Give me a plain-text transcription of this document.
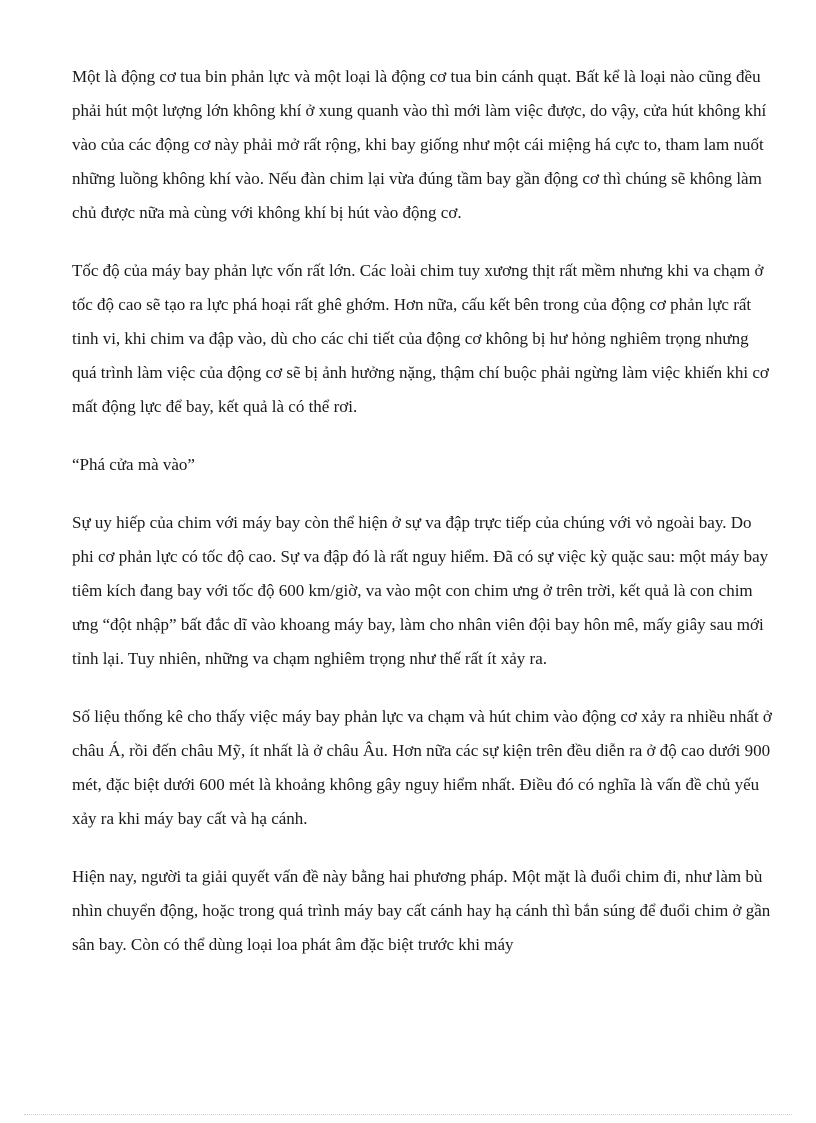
Một là động cơ tua bin phản lực và một loại là động cơ tua bin cánh quạt. Bất kể là loại nào cũng đều phải hút một lượng lớn không khí ở xung quanh vào thì mới làm việc được, do vậy, cửa hút không khí vào của các động cơ này phải mở rất rộng, khi bay giống như một cái miệng há cực to, tham lam nuốt những luồng không khí vào. Nếu đàn chim lại vừa đúng tầm bay gần động cơ thì chúng sẽ không làm chủ được nữa mà cùng với không khí bị hút vào động cơ.

Tốc độ của máy bay phản lực vốn rất lớn. Các loài chim tuy xương thịt rất mềm nhưng khi va chạm ở tốc độ cao sẽ tạo ra lực phá hoại rất ghê ghớm. Hơn nữa, cấu kết bên trong của động cơ phản lực rất tinh vi, khi chim va đập vào, dù cho các chi tiết của động cơ không bị hư hỏng nghiêm trọng nhưng quá trình làm việc của động cơ sẽ bị ảnh hưởng nặng, thậm chí buộc phải ngừng làm việc khiến khi cơ mất động lực để bay, kết quả là có thể rơi.

“Phá cửa mà vào”

Sự uy hiếp của chim với máy bay còn thể hiện ở sự va đập trực tiếp của chúng với vỏ ngoài bay. Do phi cơ phản lực có tốc độ cao. Sự va đập đó là rất nguy hiểm. Đã có sự việc kỳ quặc sau: một máy bay tiêm kích đang bay với tốc độ 600 km/giờ, va vào một con chim ưng ở trên trời, kết quả là con chim ưng “đột nhập” bất đắc dĩ vào khoang máy bay, làm cho nhân viên đội bay hôn mê, mấy giây sau mới tỉnh lại. Tuy nhiên, những va chạm nghiêm trọng như thế rất ít xảy ra.

Số liệu thống kê cho thấy việc máy bay phản lực va chạm và hút chim vào động cơ xảy ra nhiều nhất ở châu Á, rồi đến châu Mỹ, ít nhất là ở châu Âu. Hơn nữa các sự kiện trên đều diễn ra ở độ cao dưới 900 mét, đặc biệt dưới 600 mét là khoảng không gây nguy hiểm nhất. Điều đó có nghĩa là vấn đề chủ yếu xảy ra khi máy bay cất và hạ cánh.

Hiện nay, người ta giải quyết vấn đề này bằng hai phương pháp. Một mặt là đuổi chim đi, như làm bù nhìn chuyển động, hoặc trong quá trình máy bay cất cánh hay hạ cánh thì bắn súng để đuổi chim ở gần sân bay. Còn có thể dùng loại loa phát âm đặc biệt trước khi máy
